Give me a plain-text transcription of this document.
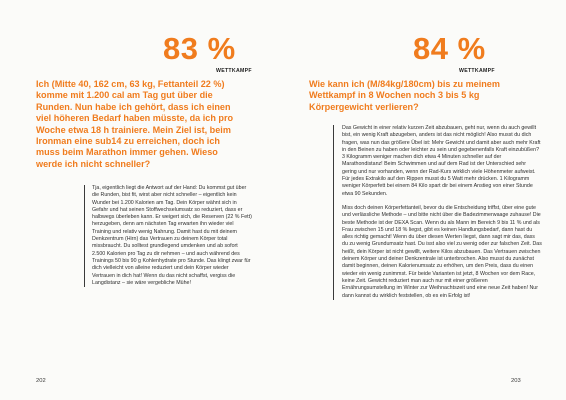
83 %
WETTKAMPF

Ich (Mitte 40, 162 cm, 63 kg, Fettanteil 22 %) komme mit 1.200 cal am Tag gut über die Runden. Nun habe ich gehört, dass ich einen viel höheren Bedarf haben müsste, da ich pro Woche etwa 18 h trainiere. Mein Ziel ist, beim Ironman eine sub14 zu erreichen, doch ich muss beim Marathon immer gehen. Wieso werde ich nicht schneller?

Tja, eigentlich liegt die Antwort auf der Hand: Du kommst gut über die Runden, bist fit, wirst aber nicht schneller – eigentlich kein Wunder bei 1.200 Kalorien am Tag. Dein Körper wähnt sich in Gefahr und hat seinen Stoffwechselumsatz so reduziert, dass er halbwegs überleben kann. Er weigert sich, die Reserven (22 % Fett) herzugeben, denn am nächsten Tag erwarten ihn wieder viel Training und relativ wenig Nahrung. Damit hast du mit deinem Denkzentrum (Hirn) das Vertrauen zu deinem Körper total missbraucht. Du solltest grundlegend umdenken und ab sofort 2.500 Kalorien pro Tag zu dir nehmen – und auch während des Trainings 50 bis 90 g Kohlenhydrate pro Stunde. Das klingt zwar für dich vielleicht von alleine reduziert und dein Körper wieder Vertrauen in dich hat! Wenn du das nicht schaffst, vergiss die Langdistanz – sie wäre vergebliche Mühe!

202
84 %
WETTKAMPF

Wie kann ich (M/84kg/180cm) bis zu meinem Wettkampf in 8 Wochen noch 3 bis 5 kg Körpergewicht verlieren?

Das Gewicht in einer relativ kurzen Zeit abzubauen, geht nur, wenn du auch gewillt bist, ein wenig Kraft abzugeben, anders ist das nicht möglich! Also musst du dich fragen, was nun das größere Übel ist: Mehr Gewicht und damit aber auch mehr Kraft in den Beinen zu haben oder leichter zu sein und gegebenenfalls Kraft einzubüßen? 3 Kilogramm weniger machen dich etwa 4 Minuten schneller auf der Marathondistanz! Beim Schwimmen und auf dem Rad ist der Unterschied sehr gering und nur vorhanden, wenn der Rad-Kurs wirklich viele Höhenmeter aufweist. Für jedes Extrakilo auf den Rippen musst du 5 Watt mehr drücken. 1 Kilogramm weniger Körperfett bei einem 84 Kilo spart dir bei einem Anstieg von einer Stunde etwa 90 Sekunden.

Miss doch deinen Körperfettanteil, bevor du die Entscheidung triffst, über eine gute und verlässliche Methode – und bitte nicht über die Badezimmerwaage zuhause! Die beste Methode ist der DEXA Scan. Wenn du als Mann im Bereich 9 bis 11 % und als Frau zwischen 15 und 18 % liegst, gibt es keinen Handlungsbedarf, dann hast du alles richtig gemacht! Wenn du über diesen Werten liegst, dann sagt mir das, dass du zu wenig Grundumsatz hast. Du isst also viel zu wenig oder zur falschen Zeit. Das heißt, dein Körper ist nicht gewillt, weitere Kilos abzubauen. Das Vertrauen zwischen deinem Körper und deiner Denkzentrale ist unterbrochen. Also musst du zunächst damit beginnen, deinen Kalorienumsatz zu erhöhen, um den Preis, dass du einen wieder ein wenig zunimmst. Für beide Varianten ist jetzt, 8 Wochen vor dem Race, keine Zeit. Gewicht reduziert man auch nur mit einer größeren Ernährungsumstellung im Winter zur Weihnachtszeit und eine neue Zeit haben! Nur dann kannst du wirklich feststellen, ob es ein Erfolg ist!

203
